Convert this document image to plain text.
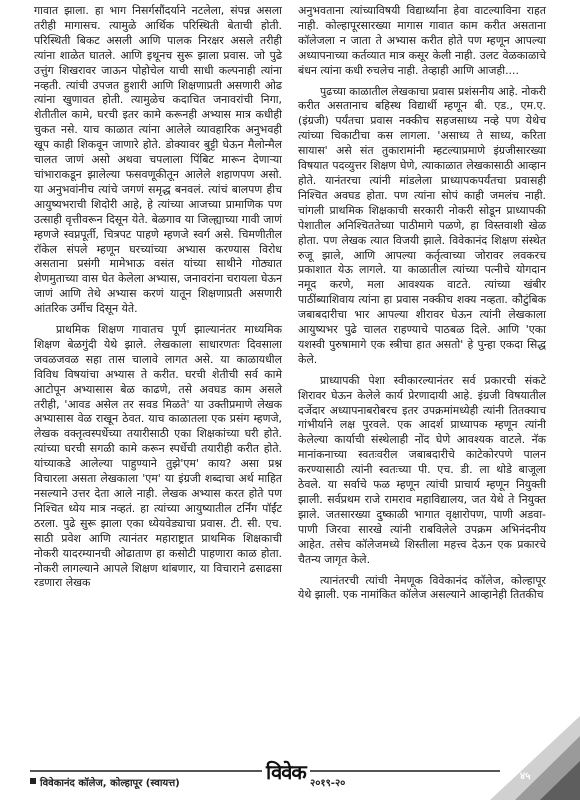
गावात झाला. हा भाग निसर्गसौंदर्याने नटलेला, संपन्न असला तरीही मागासच. त्यामुळे आर्थिक परिस्थिती बेताची होती. परिस्थिती बिकट असली आणि पालक निरक्षर असले तरीही त्यांना शाळेत घातले. आणि इथूनच सुरू झाला प्रवास. जो पुढे उत्तुंग शिखरावर जाऊन पोहोचेल याची साधी कल्पनाही त्यांना नव्हती. त्यांची उपजत हुशारी आणि शिक्षणाप्रती असणारी ओढ त्यांना खुणावत होती. त्यामुळेच कदाचित जनावरांची निगा, शेतीतील कामे, घरची इतर कामे करूनही अभ्यास मात्र कधीही चुकत नसे. याच काळात त्यांना आलेले व्यावहारिक अनुभवही खूप काही शिकवून जाणारे होते. डोक्यावर बुट्टी घेऊन मैलोन्मैल चालत जाणं असो अथवा चपलाला पिंबिट मारून देणाऱ्या चांभाराकडून झालेल्या फसवणूकीतून आलेले शहाणपण असो. या अनुभवांनीच त्यांचे जगणं समृद्ध बनवलं. त्यांचं बालपण हीच आयुष्यभराची शिदोरी आहे, हे त्यांच्या आजच्या प्रामाणिक पण उत्साही वृत्तीवरून दिसून येते. बेळगाव या जिल्ह्याच्या गावी जाणं म्हणजे स्वप्नपूर्ती, चित्रपट पाहणे म्हणजे स्वर्ग असे. चिमणीतील रॉकेल संपले म्हणून घरच्यांच्या अभ्यास करण्यास विरोध असताना प्रसंगी मामेभाऊ वसंत यांच्या साथीने गोठ्यात शेणमुताच्या वास घेत केलेला अभ्यास, जनावरांना चरायला घेऊन जाणं आणि तेथे अभ्यास करणं यातून शिक्षणाप्रती असणारी आंतरिक उर्मीच दिसून येते.

प्राथमिक शिक्षण गावातच पूर्ण झाल्यानंतर माध्यमिक शिक्षण बेळगुंदी येथे झाले. लेखकाला साधारणतः दिवसाला जवळजवळ सहा तास चालावे लागत असे. या काळायधील विविध विषयांचा अभ्यास ते करीत. घरची शेतीची सर्व कामे आटोपून अभ्यासास बेळ काढणे, तसे अवघड काम असले तरीही, 'आवड असेल तर सवड मिळते' या उक्तीप्रमाणे लेखक अभ्यासास वेळ राखून ठेवत. याच काळातला एक प्रसंग म्हणजे, लेखक वक्तृत्वस्पर्धेच्या तयारीसाठी एका शिक्षकांच्या घरी होते. त्यांच्या घरची सगळी कामे करून स्पर्धेची तयारीही करीत होते. यांच्याकडे आलेल्या पाहुण्याने तुझे'एम' काय? असा प्रश्न विचारला असता लेखकाला 'एम' या इंग्रजी शब्दाचा अर्थ माहित नसल्याने उत्तर देता आले नाही. लेखक अभ्यास करत होते पण निश्चित ध्येय मात्र नव्हतं. हा त्यांच्या आयुष्यातील टर्निंग पॉईंट ठरला. पुढे सुरू झाला एका ध्येयवेड्याचा प्रवास. टी. सी. एच. साठी प्रवेश आणि त्यानंतर महाराष्ट्रात प्राथमिक शिक्षकाची नोकरी यादरम्यानची ओढाताण हा कसोटी पाहणारा काळ होता. नोकरी लागल्याने आपले शिक्षण थांबणार, या विचाराने ढसाढसा रडणारा लेखक

अनुभवताना त्यांच्याविषयी विद्यार्थ्यांना हेवा वाटल्याविना राहत नाही. कोल्हापूरसारख्या मागास गावात काम करीत असताना कॉलेजला न जाता ते अभ्यास करीत होते पण म्हणून आपल्या अध्यापनाच्या कर्तव्यात मात्र कसूर केली नाही. उलट वेळकाळाचे बंधन त्यांना कधी रुचलेच नाही. तेव्हाही आणि आजही....

पुढच्या काळातील लेखकाचा प्रवास प्रशंसनीय आहे. नोकरी करीत असतानाच बहिस्थ विद्यार्थी म्हणून बी. एड., एम.ए. (इंग्रजी) पर्यंतचा प्रवास नक्कीच सहजसाध्य नव्हे पण येथेच त्यांच्या चिकाटीचा कस लागला. 'असाध्य ते साध्य, करिता सायास' असे संत तुकारामांनी म्हटल्याप्रमाणे इंग्रजीसारख्या विषयात पदव्युत्तर शिक्षण घेणे, त्याकाळात लेखकासाठी आव्हान होते. यानंतरचा त्यांनी मांडलेला प्राध्यापकपर्यंतचा प्रवासही निश्चित अवघड होता. पण त्यांना सोपं काही जमलंच नाही. चांगली प्राथमिक शिक्षकाची सरकारी नोकरी सोडून प्राध्यापकी पेशातील अनिश्चिततेच्या पाठीमागे पळणे, हा विस्तवाशी खेळ होता. पण लेखक त्यात विजयी झाले. विवेकानंद शिक्षण संस्थेत रुजू झाले, आणि आपल्या कर्तृत्वाच्या जोरावर लवकरच प्रकाशात येऊ लागले. या काळातील त्यांच्या पत्नीचे योगदान नमूद करणे, मला आवश्यक वाटते. त्यांच्या खंबीर पाठींब्याशिवाय त्यांना हा प्रवास नक्कीच शक्य नव्हता. कौटुंबिक जबाबदारीचा भार आपल्या शीरावर घेऊन त्यांनी लेखकाला आयुष्यभर पुढे चालत राहण्याचे पाठबळ दिले. आणि 'एका यशस्वी पुरुषामागे एक स्त्रीचा हात असतो' हे पुन्हा एकदा सिद्ध केले.

प्राध्यापकी पेशा स्वीकारल्यानंतर सर्व प्रकारची संकटे शिरावर घेऊन केलेले कार्य प्रेरणादायी आहे. इंग्रजी विषयातील दर्जेदार अध्यापनाबरोबरच इतर उपक्रमांमध्येही त्यांनी तितक्याच गांभीर्याने लक्ष पुरवले. एक आदर्श प्राध्यापक म्हणून त्यांनी केलेल्या कार्याची संस्थेलाही नोंद घेणे आवश्यक वाटले. नॅक मानांकनाच्या स्वतःवरील जबाबदारीचे काटेकोरपणे पालन करण्यासाठी त्यांनी स्वतःच्या पी. एच. डी. ला थोडे बाजूला ठेवले. या सर्वाचे फळ म्हणून त्यांची प्राचार्य म्हणून नियुक्ती झाली. सर्वप्रथम राजे रामराव महाविद्यालय, जत येथे ते नियुक्त झाले. जतसारख्या दुष्काळी भागात वृक्षारोपण, पाणी अडवा-पाणी जिरवा सारखे त्यांनी राबविलेले उपक्रम अभिनंदनीय आहेत. तसेच कॉलेजमध्ये शिस्तीला महत्त्व देऊन एक प्रकारचे चैतन्य जागृत केले.

त्यानंतरची त्यांची नेमणूक विवेकानंद कॉलेज, कोल्हापूर येथे झाली. एक नामांकित कॉलेज असल्याने आव्हानेही तितकीच

विवेकानंद कॉलेज, कोल्हापूर (स्वायत्त)	विवेक २०१९-२०
४५
